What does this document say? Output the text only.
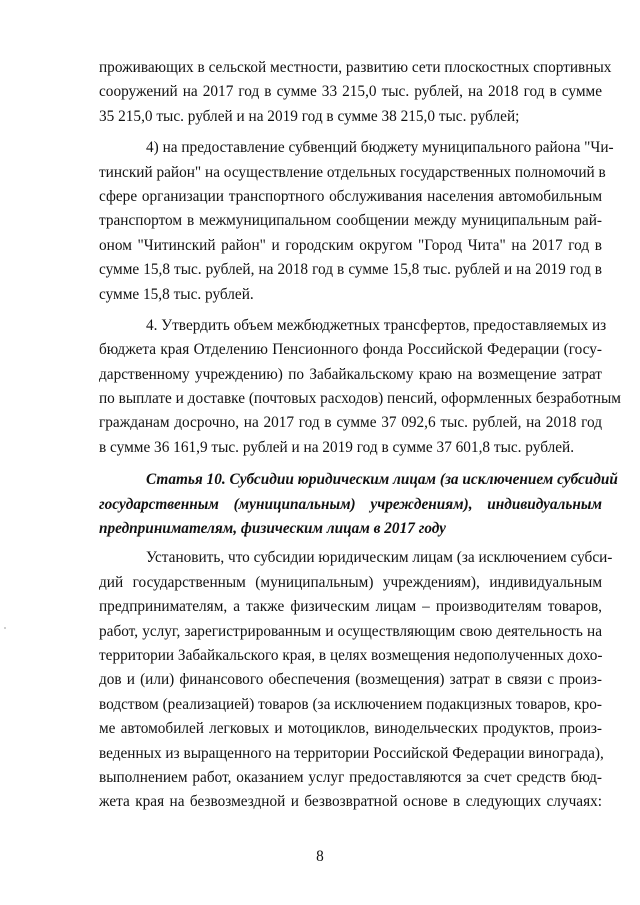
проживающих в сельской местности, развитию сети плоскостных спортивных
сооружений на 2017 год в сумме 33 215,0 тыс. рублей, на 2018 год в сумме
35 215,0 тыс. рублей и на 2019 год в сумме 38 215,0 тыс. рублей;
4) на предоставление субвенций бюджету муниципального района "Чи-
тинский район" на осуществление отдельных государственных полномочий в
сфере организации транспортного обслуживания населения автомобильным
транспортом в межмуниципальном сообщении между муниципальным рай-
оном "Читинский район" и городским округом "Город Чита" на 2017 год в
сумме 15,8 тыс. рублей, на 2018 год в сумме 15,8 тыс. рублей и на 2019 год в
сумме 15,8 тыс. рублей.
4. Утвердить объем межбюджетных трансфертов, предоставляемых из
бюджета края Отделению Пенсионного фонда Российской Федерации (госу-
дарственному учреждению) по Забайкальскому краю на возмещение затрат
по выплате и доставке (почтовых расходов) пенсий, оформленных безработным
гражданам досрочно, на 2017 год в сумме 37 092,6 тыс. рублей, на 2018 год
в сумме 36 161,9 тыс. рублей и на 2019 год в сумме 37 601,8 тыс. рублей.
Статья 10. Субсидии юридическим лицам (за исключением субсидий
государственным (муниципальным) учреждениям), индивидуальным
предпринимателям, физическим лицам в 2017 году
Установить, что субсидии юридическим лицам (за исключением субси-
дий государственным (муниципальным) учреждениям), индивидуальным
предпринимателям, а также физическим лицам – производителям товаров,
работ, услуг, зарегистрированным и осуществляющим свою деятельность на
территории Забайкальского края, в целях возмещения недополученных дохо-
дов и (или) финансового обеспечения (возмещения) затрат в связи с произ-
водством (реализацией) товаров (за исключением подакцизных товаров, кро-
ме автомобилей легковых и мотоциклов, винодельческих продуктов, произ-
веденных из выращенного на территории Российской Федерации винограда),
выполнением работ, оказанием услуг предоставляются за счет средств бюд-
жета края на безвозмездной и безвозвратной основе в следующих случаях:
8
